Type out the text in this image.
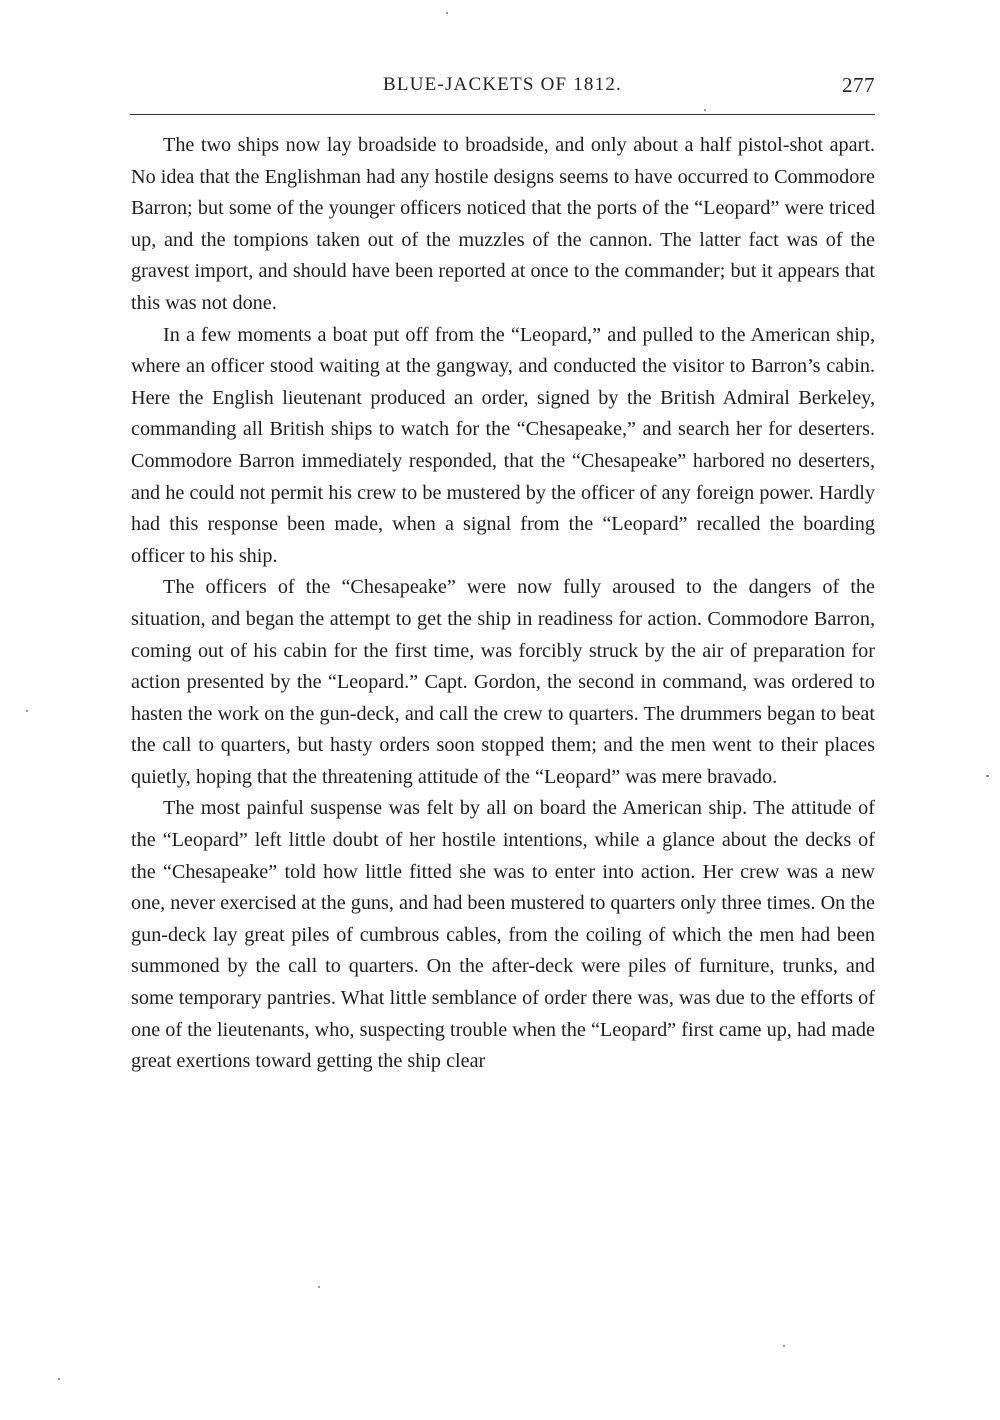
BLUE-JACKETS OF 1812.	277

The two ships now lay broadside to broadside, and only about a half pistol-shot apart. No idea that the Englishman had any hostile designs seems to have occurred to Commodore Barron; but some of the younger officers noticed that the ports of the “Leopard” were triced up, and the tompions taken out of the muzzles of the cannon. The latter fact was of the gravest import, and should have been reported at once to the commander; but it appears that this was not done.

In a few moments a boat put off from the “Leopard,” and pulled to the American ship, where an officer stood waiting at the gangway, and conducted the visitor to Barron’s cabin. Here the English lieutenant produced an order, signed by the British Admiral Berkeley, commanding all British ships to watch for the “Chesapeake,” and search her for deserters. Commodore Barron immediately responded, that the “Chesapeake” harbored no deserters, and he could not permit his crew to be mustered by the officer of any foreign power. Hardly had this response been made, when a signal from the “Leopard” recalled the boarding officer to his ship.

The officers of the “Chesapeake” were now fully aroused to the dangers of the situation, and began the attempt to get the ship in readiness for action. Commodore Barron, coming out of his cabin for the first time, was forcibly struck by the air of preparation for action presented by the “Leopard.” Capt. Gordon, the second in command, was ordered to hasten the work on the gun-deck, and call the crew to quarters. The drummers began to beat the call to quarters, but hasty orders soon stopped them; and the men went to their places quietly, hoping that the threatening attitude of the “Leopard” was mere bravado.

The most painful suspense was felt by all on board the American ship. The attitude of the “Leopard” left little doubt of her hostile intentions, while a glance about the decks of the “Chesapeake” told how little fitted she was to enter into action. Her crew was a new one, never exercised at the guns, and had been mustered to quarters only three times. On the gun-deck lay great piles of cumbrous cables, from the coiling of which the men had been summoned by the call to quarters. On the after-deck were piles of furniture, trunks, and some temporary pantries. What little semblance of order there was, was due to the efforts of one of the lieutenants, who, suspecting trouble when the “Leopard” first came up, had made great exertions toward getting the ship clear
